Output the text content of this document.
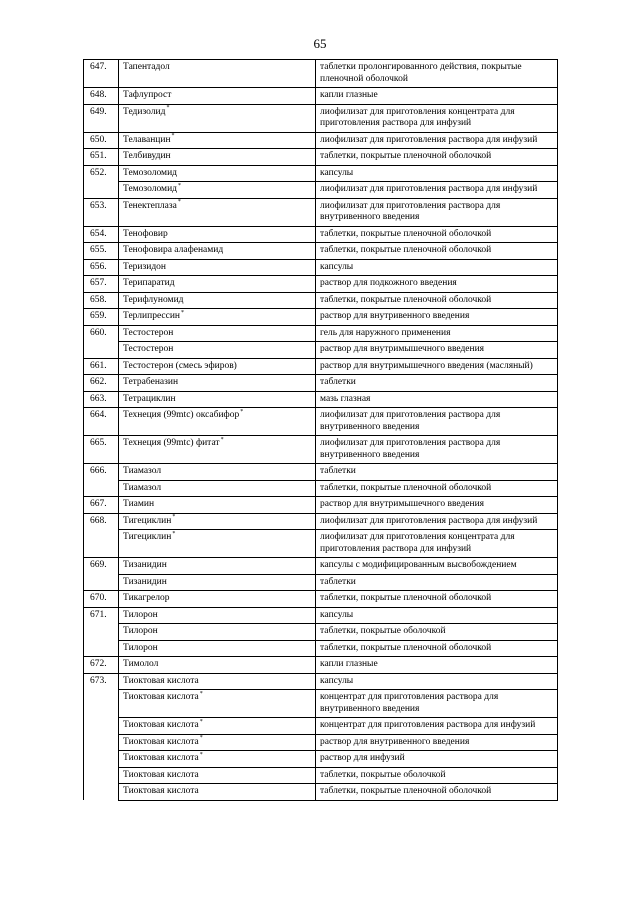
65
647.	Тапентадол	таблетки пролонгированного действия, покрытые пленочной оболочкой
648.	Тафлупрост	капли глазные
649.	Тедизолид*	лиофилизат для приготовления концентрата для приготовления раствора для инфузий
650.	Телаванцин*	лиофилизат для приготовления раствора для инфузий
651.	Телбивудин	таблетки, покрытые пленочной оболочкой
652.	Темозоломид	капсулы
	Темозоломид*	лиофилизат для приготовления раствора для инфузий
653.	Тенектеплаза*	лиофилизат для приготовления раствора для внутривенного введения
654.	Тенофовир	таблетки, покрытые пленочной оболочкой
655.	Тенофовира алафенамид	таблетки, покрытые пленочной оболочкой
656.	Теризидон	капсулы
657.	Терипаратид	раствор для подкожного введения
658.	Терифлуномид	таблетки, покрытые пленочной оболочкой
659.	Терлипрессин*	раствор для внутривенного введения
660.	Тестостерон	гель для наружного применения
	Тестостерон	раствор для внутримышечного введения
661.	Тестостерон (смесь эфиров)	раствор для внутримышечного введения (масляный)
662.	Тетрабеназин	таблетки
663.	Тетрациклин	мазь глазная
664.	Технеция (99mtc) оксабифор*	лиофилизат для приготовления раствора для внутривенного введения
665.	Технеция (99mtc) фитат*	лиофилизат для приготовления раствора для внутривенного введения
666.	Тиамазол	таблетки
	Тиамазол	таблетки, покрытые пленочной оболочкой
667.	Тиамин	раствор для внутримышечного введения
668.	Тигециклин*	лиофилизат для приготовления раствора для инфузий
	Тигециклин*	лиофилизат для приготовления концентрата для приготовления раствора для инфузий
669.	Тизанидин	капсулы с модифицированным высвобождением
	Тизанидин	таблетки
670.	Тикагрелор	таблетки, покрытые пленочной оболочкой
671.	Тилорон	капсулы
	Тилорон	таблетки, покрытые оболочкой
	Тилорон	таблетки, покрытые пленочной оболочкой
672.	Тимолол	капли глазные
673.	Тиоктовая кислота	капсулы
	Тиоктовая кислота*	концентрат для приготовления раствора для внутривенного введения
	Тиоктовая кислота*	концентрат для приготовления раствора для инфузий
	Тиоктовая кислота*	раствор для внутривенного введения
	Тиоктовая кислота*	раствор для инфузий
	Тиоктовая кислота	таблетки, покрытые оболочкой
	Тиоктовая кислота	таблетки, покрытые пленочной оболочкой
